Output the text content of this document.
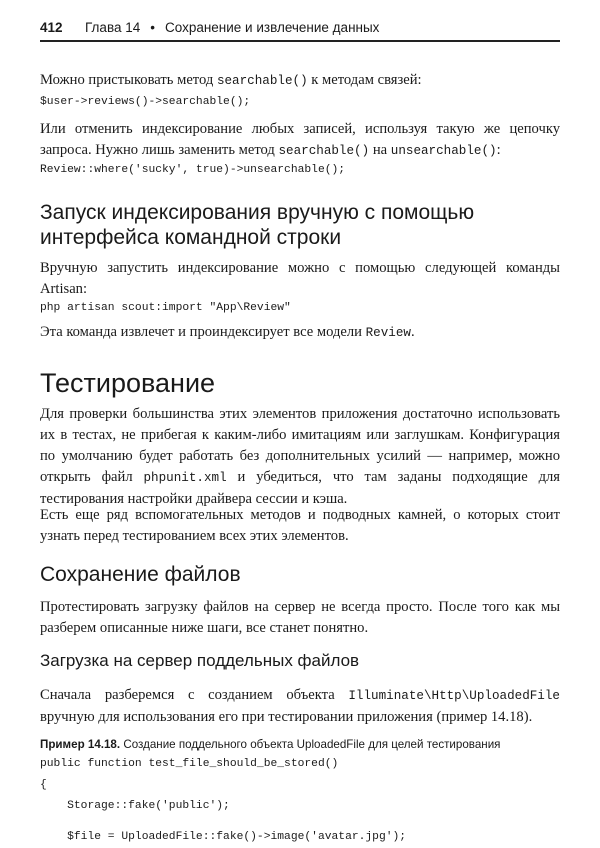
412	Глава 14 • Сохранение и извлечение данных

Можно пристыковать метод searchable() к методам связей:

$user->reviews()->searchable();

Или отменить индексирование любых записей, используя такую же цепочку запроса. Нужно лишь заменить метод searchable() на unsearchable():

Review::where('sucky', true)->unsearchable();
Запуск индексирования вручную с помощью интерфейса командной строки

Вручную запустить индексирование можно с помощью следующей команды Artisan:

php artisan scout:import "App\Review"

Эта команда извлечет и проиндексирует все модели Review.

Тестирование

Для проверки большинства этих элементов приложения достаточно использовать их в тестах, не прибегая к каким-либо имитациям или заглушкам. Конфигурация по умолчанию будет работать без дополнительных усилий — например, можно открыть файл phpunit.xml и убедиться, что там заданы подходящие для тестирования настройки драйвера сессии и кэша.

Есть еще ряд вспомогательных методов и подводных камней, о которых стоит узнать перед тестированием всех этих элементов.

Сохранение файлов

Протестировать загрузку файлов на сервер не всегда просто. После того как мы разберем описанные ниже шаги, все станет понятно.

Загрузка на сервер поддельных файлов

Сначала разберемся с созданием объекта Illuminate\Http\UploadedFile вручную для использования его при тестировании приложения (пример 14.18).

Пример 14.18. Создание поддельного объекта UploadedFile для целей тестирования
public function test_file_should_be_stored()
{
Storage::fake('public');
$file = UploadedFile::fake()->image('avatar.jpg');
